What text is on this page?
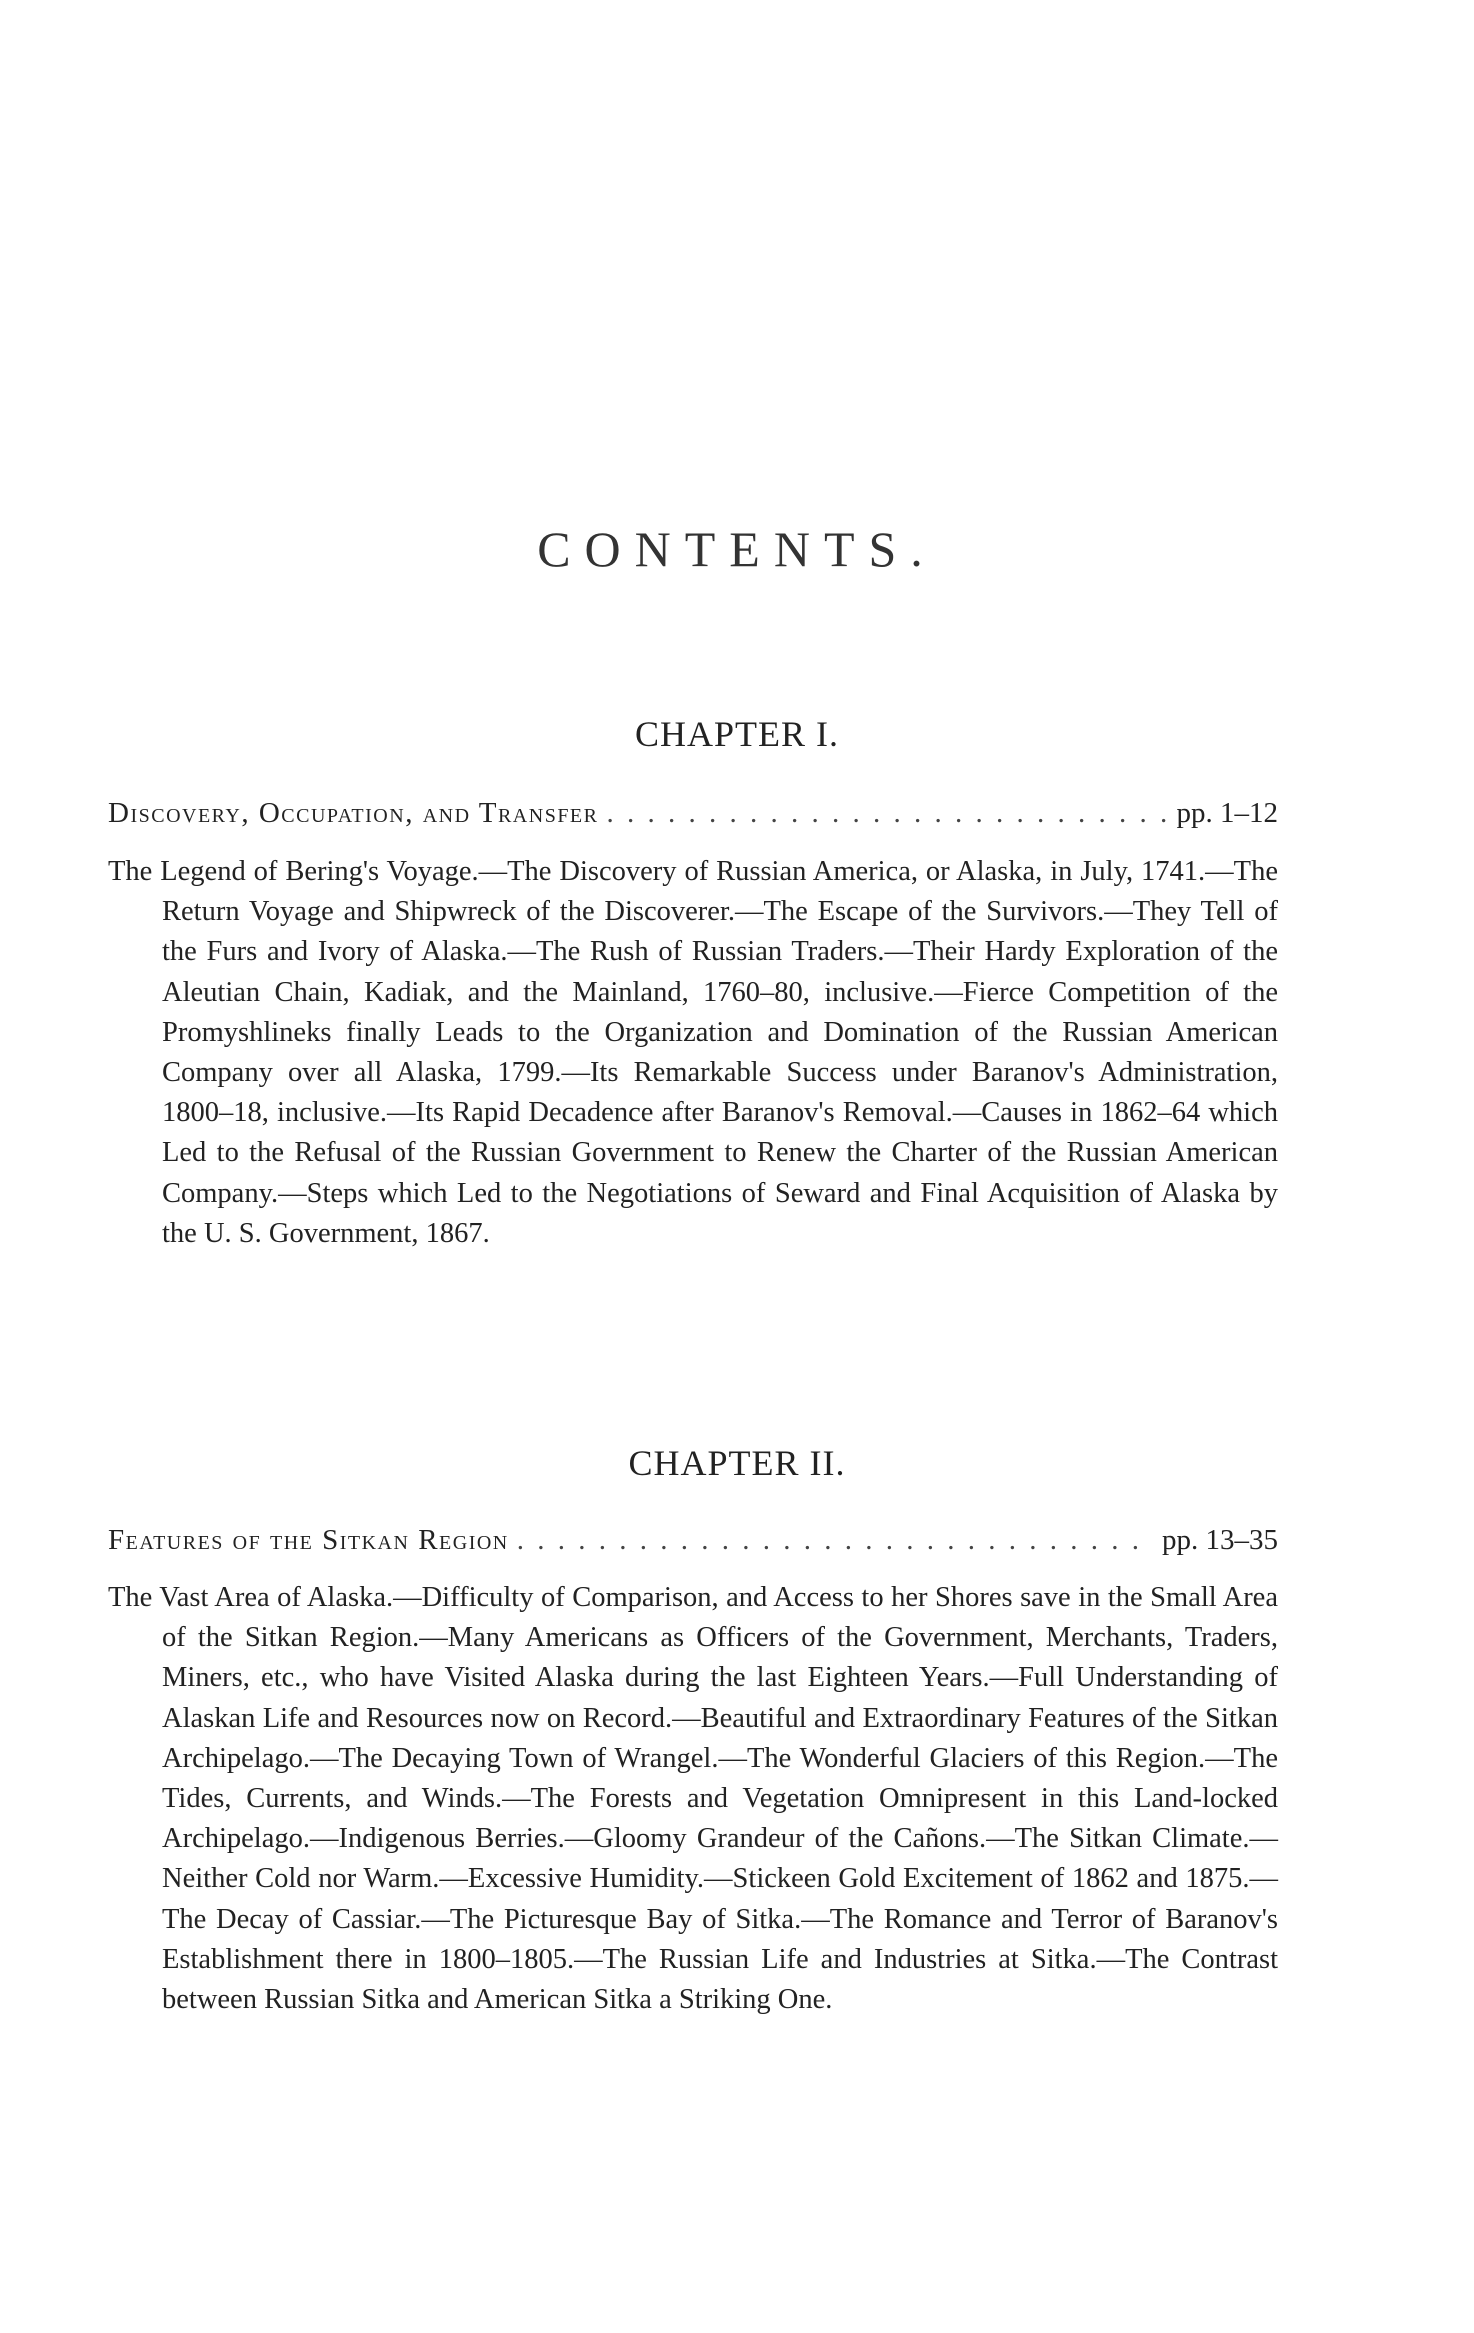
CONTENTS.
CHAPTER I.
Discovery, Occupation, and Transfer . . .	pp. 1–12

The Legend of Bering's Voyage.—The Discovery of Russian America, or Alaska, in July, 1741.—The Return Voyage and Shipwreck of the Discoverer.—The Escape of the Survivors.—They Tell of the Furs and Ivory of Alaska.—The Rush of Russian Traders.—Their Hardy Exploration of the Aleutian Chain, Kadiak, and the Mainland, 1760–80, inclusive.—Fierce Competition of the Promyshlineks finally Leads to the Organization and Domination of the Russian American Company over all Alaska, 1799.—Its Remarkable Success under Baranov's Administration, 1800–18, inclusive.—Its Rapid Decadence after Baranov's Removal.—Causes in 1862–64 which Led to the Refusal of the Russian Government to Renew the Charter of the Russian American Company.—Steps which Led to the Negotiations of Seward and Final Acquisition of Alaska by the U. S. Government, 1867.

CHAPTER II.
Features of the Sitkan Region . . .	pp. 13–35

The Vast Area of Alaska.—Difficulty of Comparison, and Access to her Shores save in the Small Area of the Sitkan Region.—Many Americans as Officers of the Government, Merchants, Traders, Miners, etc., who have Visited Alaska during the last Eighteen Years.—Full Understanding of Alaskan Life and Resources now on Record.—Beautiful and Extraordinary Features of the Sitkan Archipelago.—The Decaying Town of Wrangel.—The Wonderful Glaciers of this Region.—The Tides, Currents, and Winds.—The Forests and Vegetation Omnipresent in this Land-locked Archipelago.—Indigenous Berries.—Gloomy Grandeur of the Cañons.—The Sitkan Climate.—Neither Cold nor Warm.—Excessive Humidity.—Stickeen Gold Excitement of 1862 and 1875.—The Decay of Cassiar.—The Picturesque Bay of Sitka.—The Romance and Terror of Baranov's Establishment there in 1800–1805.—The Russian Life and Industries at Sitka.—The Contrast between Russian Sitka and American Sitka a Striking One.
